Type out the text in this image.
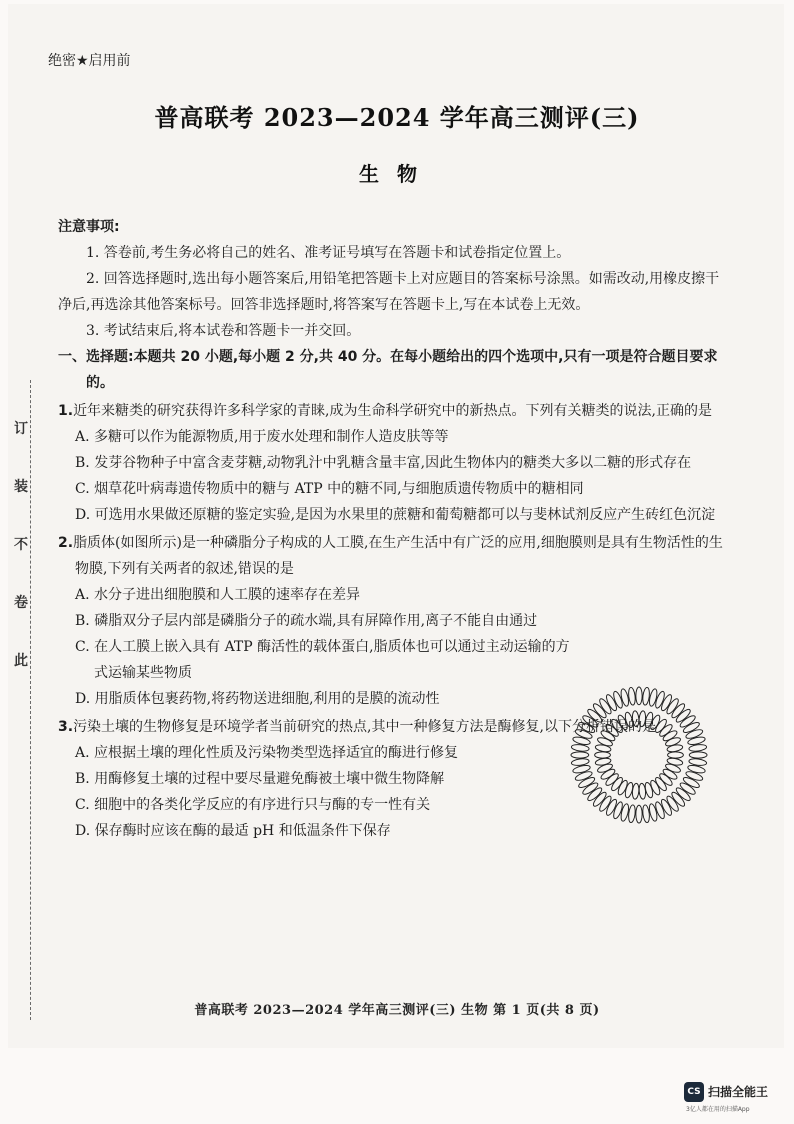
订
装
不
卷
此
绝密★启用前
普高联考 2023—2024 学年高三测评(三)
生物
注意事项:
1. 答卷前,考生务必将自己的姓名、准考证号填写在答题卡和试卷指定位置上。
2. 回答选择题时,选出每小题答案后,用铅笔把答题卡上对应题目的答案标号涂黑。如需改动,用橡皮擦干净后,再选涂其他答案标号。回答非选择题时,将答案写在答题卡上,写在本试卷上无效。
3. 考试结束后,将本试卷和答题卡一并交回。
一、选择题:本题共 20 小题,每小题 2 分,共 40 分。在每小题给出的四个选项中,只有一项是符合题目要求的。
1.近年来糖类的研究获得许多科学家的青睐,成为生命科学研究中的新热点。下列有关糖类的说法,正确的是
A. 多糖可以作为能源物质,用于废水处理和制作人造皮肤等等
B. 发芽谷物种子中富含麦芽糖,动物乳汁中乳糖含量丰富,因此生物体内的糖类大多以二糖的形式存在
C. 烟草花叶病毒遗传物质中的糖与 ATP 中的糖不同,与细胞质遗传物质中的糖相同
D. 可选用水果做还原糖的鉴定实验,是因为水果里的蔗糖和葡萄糖都可以与斐林试剂反应产生砖红色沉淀
2.脂质体(如图所示)是一种磷脂分子构成的人工膜,在生产生活中有广泛的应用,细胞膜则是具有生物活性的生物膜,下列有关两者的叙述,错误的是
A. 水分子进出细胞膜和人工膜的速率存在差异
B. 磷脂双分子层内部是磷脂分子的疏水端,具有屏障作用,离子不能自由通过
C. 在人工膜上嵌入具有 ATP 酶活性的载体蛋白,脂质体也可以通过主动运输的方式运输某些物质
D. 用脂质体包裹药物,将药物送进细胞,利用的是膜的流动性
3.污染土壤的生物修复是环境学者当前研究的热点,其中一种修复方法是酶修复,以下分析错误的是
A. 应根据土壤的理化性质及污染物类型选择适宜的酶进行修复
B. 用酶修复土壤的过程中要尽量避免酶被土壤中微生物降解
C. 细胞中的各类化学反应的有序进行只与酶的专一性有关
D. 保存酶时应该在酶的最适 pH 和低温条件下保存
普高联考 2023—2024 学年高三测评(三) 生物 第 1 页(共 8 页)
CS 扫描全能王
3亿人都在用的扫描App
